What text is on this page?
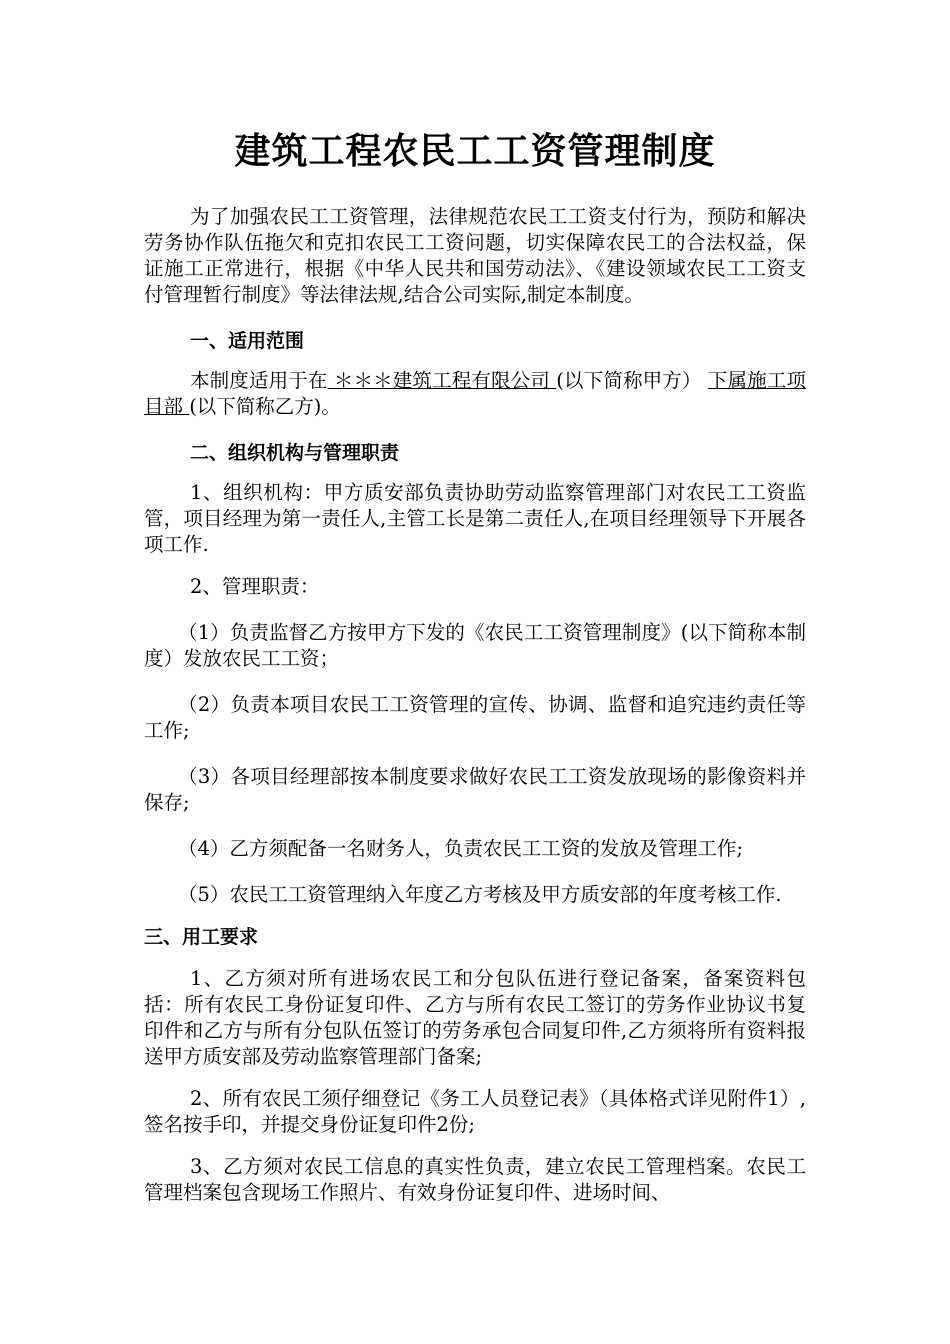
建筑工程农民工工资管理制度

为了加强农民工工资管理，法律规范农民工工资支付行为，预防和解决劳务协作队伍拖欠和克扣农民工工资问题，切实保障农民工的合法权益，保证施工正常进行，根据《中华人民共和国劳动法》、《建设领域农民工工资支付管理暂行制度》等法律法规,结合公司实际,制定本制度。

一、适用范围

本制度适用于在 ＊＊＊建筑工程有限公司 (以下简称甲方） 下属施工项目部 (以下简称乙方)。

二、组织机构与管理职责

1、组织机构：甲方质安部负责协助劳动监察管理部门对农民工工资监管，项目经理为第一责任人,主管工长是第二责任人,在项目经理领导下开展各项工作.

2、管理职责：

（1）负责监督乙方按甲方下发的《农民工工资管理制度》(以下简称本制度）发放农民工工资；

（2）负责本项目农民工工资管理的宣传、协调、监督和追究违约责任等工作;

（3）各项目经理部按本制度要求做好农民工工资发放现场的影像资料并保存;

（4）乙方须配备一名财务人，负责农民工工资的发放及管理工作;

（5）农民工工资管理纳入年度乙方考核及甲方质安部的年度考核工作.

三、用工要求

1、乙方须对所有进场农民工和分包队伍进行登记备案，备案资料包括：所有农民工身份证复印件、乙方与所有农民工签订的劳务作业协议书复印件和乙方与所有分包队伍签订的劳务承包合同复印件,乙方须将所有资料报送甲方质安部及劳动监察管理部门备案;

2、所有农民工须仔细登记《务工人员登记表》（具体格式详见附件1）,签名按手印，并提交身份证复印件2份;

3、乙方须对农民工信息的真实性负责，建立农民工管理档案。农民工管理档案包含现场工作照片、有效身份证复印件、进场时间、
